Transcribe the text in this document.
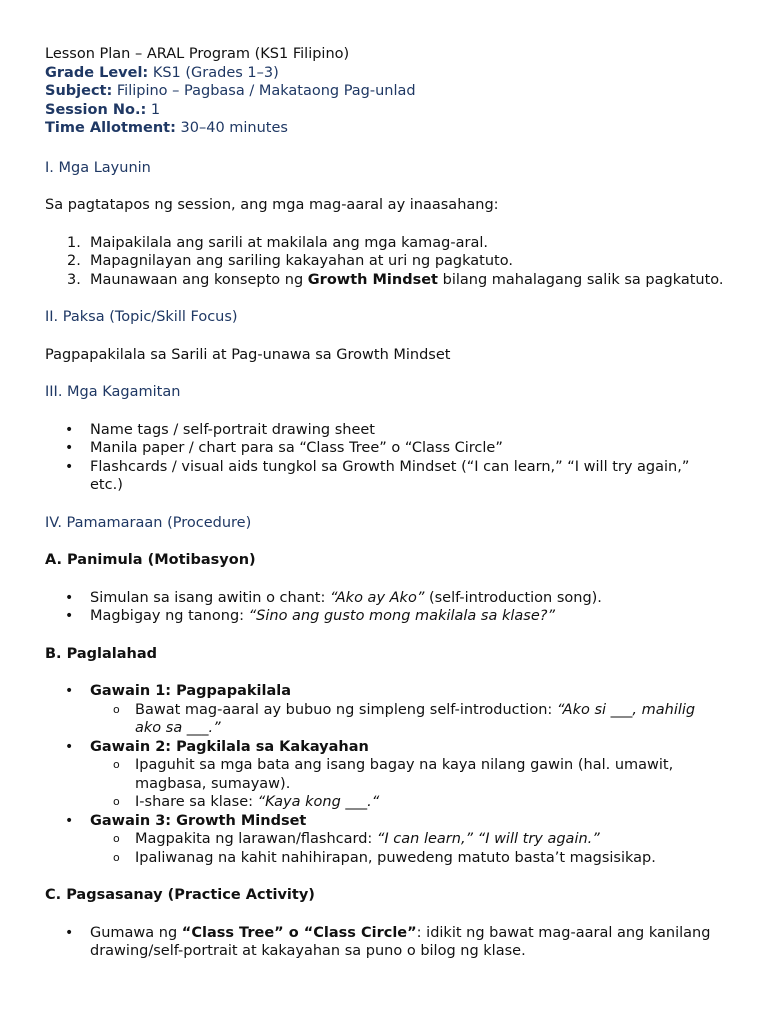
Lesson Plan – ARAL Program (KS1 Filipino)

Grade Level: KS1 (Grades 1–3)

Subject: Filipino – Pagbasa / Makataong Pag-unlad

Session No.: 1

Time Allotment: 30–40 minutes

I. Mga Layunin

Sa pagtatapos ng session, ang mga mag-aaral ay inaasahang:

1. Maipakilala ang sarili at makilala ang mga kamag-aral.
2. Mapagnilayan ang sariling kakayahan at uri ng pagkatuto.
3. Maunawaan ang konsepto ng Growth Mindset bilang mahalagang salik sa pagkatuto.

II. Paksa (Topic/Skill Focus)

Pagpapakilala sa Sarili at Pag-unawa sa Growth Mindset

III. Mga Kagamitan

• Name tags / self-portrait drawing sheet
• Manila paper / chart para sa “Class Tree” o “Class Circle”
• Flashcards / visual aids tungkol sa Growth Mindset (“I can learn,” “I will try again,” etc.)

IV. Pamamaraan (Procedure)

A. Panimula (Motibasyon)

• Simulan sa isang awitin o chant: “Ako ay Ako” (self-introduction song).
• Magbigay ng tanong: “Sino ang gusto mong makilala sa klase?”

B. Paglalahad

• Gawain 1: Pagpapakilala
o Bawat mag-aaral ay bubuo ng simpleng self-introduction: “Ako si ___, mahilig ako sa ___.”
• Gawain 2: Pagkilala sa Kakayahan
o Ipaguhit sa mga bata ang isang bagay na kaya nilang gawin (hal. umawit, magbasa, sumayaw).
o I-share sa klase: “Kaya kong ___.“
• Gawain 3: Growth Mindset
o Magpakita ng larawan/flashcard: “I can learn,” “I will try again.”
o Ipaliwanag na kahit nahihirapan, puwedeng matuto basta’t magsisikap.

C. Pagsasanay (Practice Activity)

• Gumawa ng “Class Tree” o “Class Circle”: idikit ng bawat mag-aaral ang kanilang drawing/self-portrait at kakayahan sa puno o bilog ng klase.
